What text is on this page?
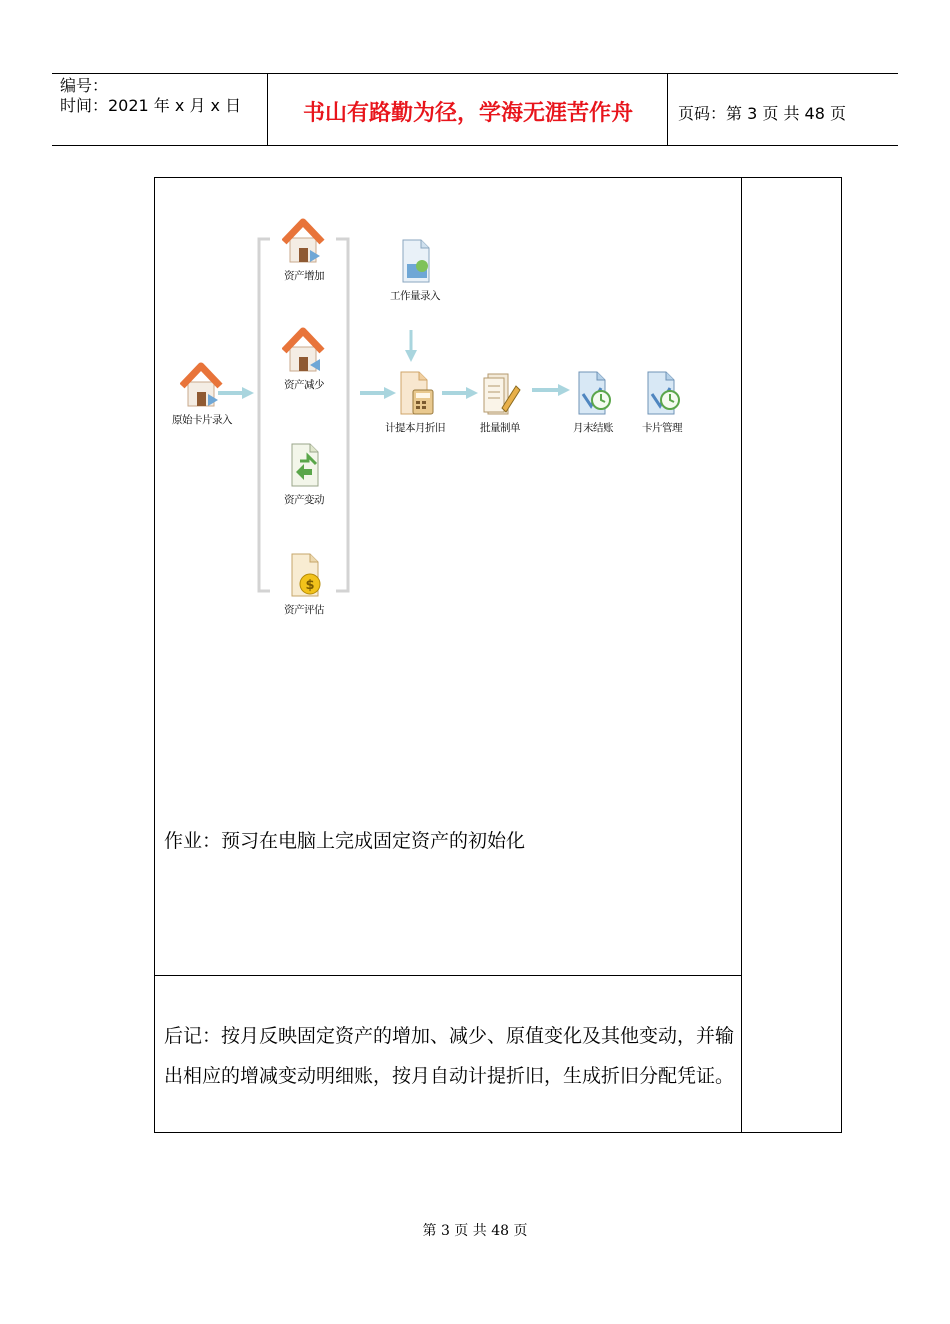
编号：
时间：2021 年 x 月 x 日	书山有路勤为径，学海无涯苦作舟	页码：第 3 页 共 48 页
原始卡片录入
资产增加
资产减少
资产变动
$
资产评估
工作量录入
计提本月折旧	批量制单	月末结账	卡片管理
作业：预习在电脑上完成固定资产的初始化
后记：按月反映固定资产的增加、减少、原值变化及其他变动，并输出相应的增减变动明细账，按月自动计提折旧，生成折旧分配凭证。
第 3 页 共 48 页
